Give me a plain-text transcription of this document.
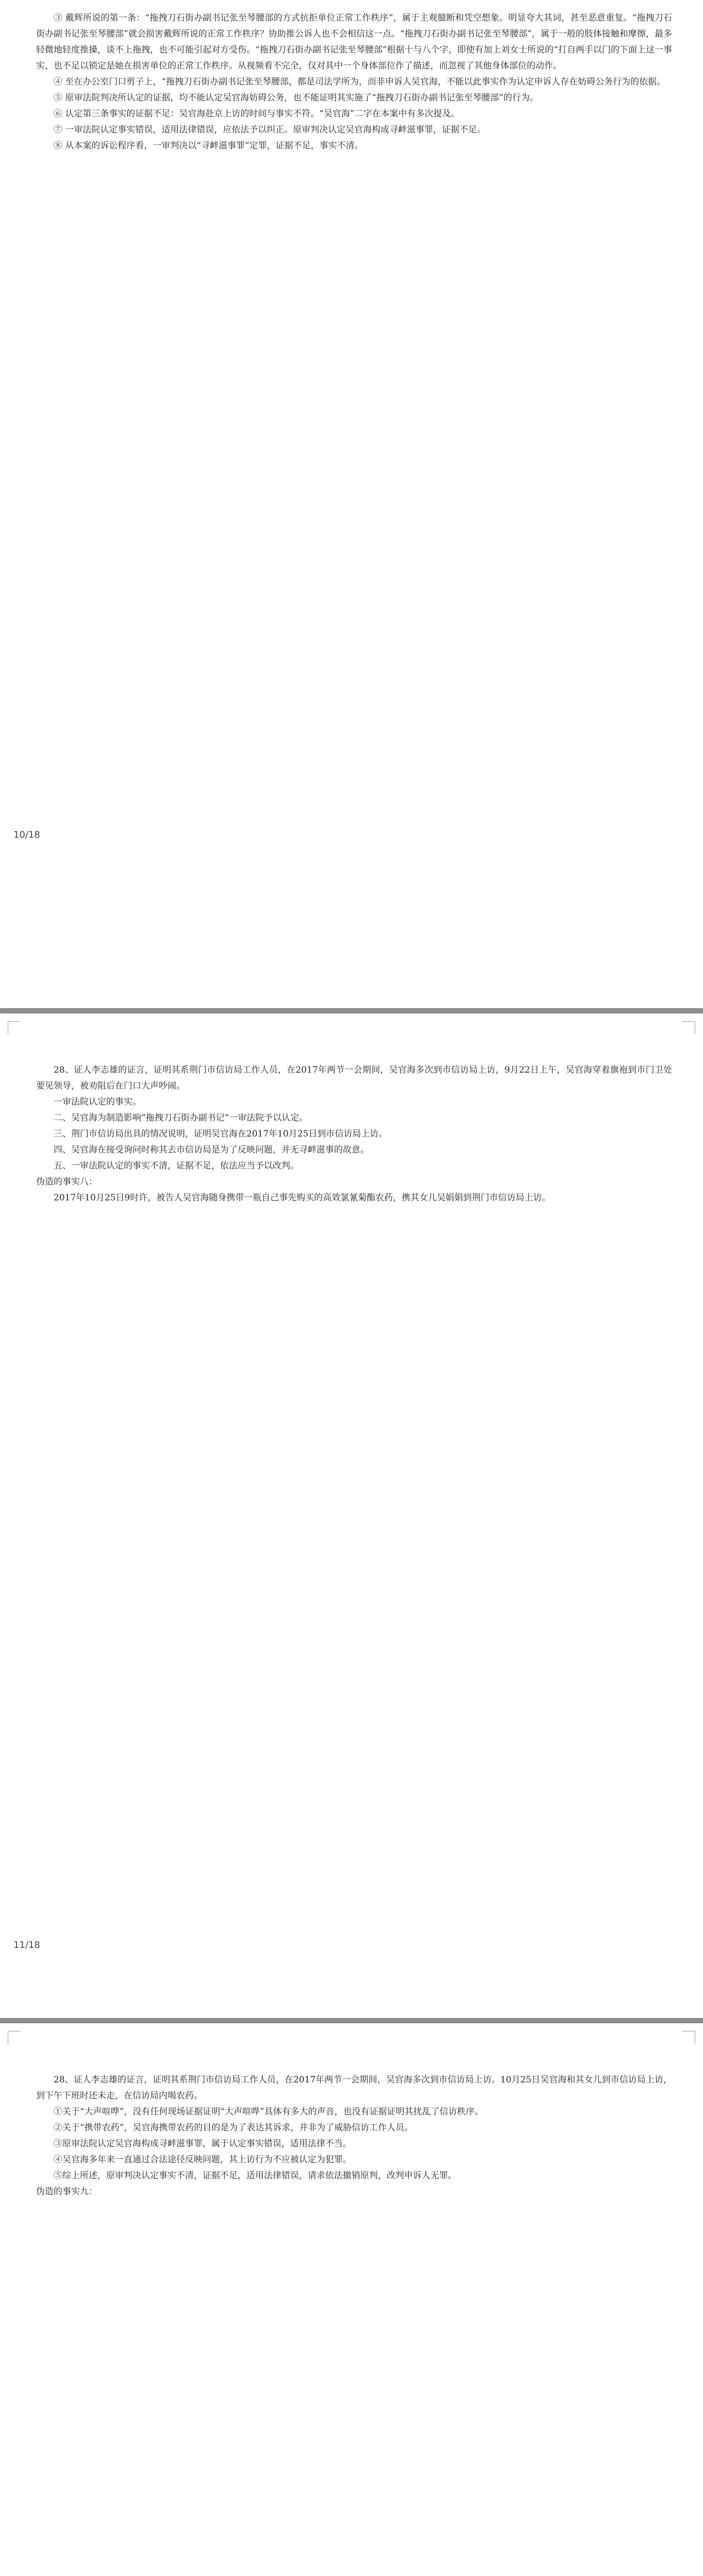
③ 戴辉所说的第一条：“拖拽刀石街办副书记张至琴腰部的方式抗拒单位正常工作秩序”，属于主观臆断和凭空想象。明显夸大其词，甚至恶意重复。“拖拽刀石街办副书记张至琴腰部”就会损害戴辉所说的正常工作秩序？协助推公诉人也不会相信这一点。“拖拽刀石街办副书记张至琴腰部”，属于一般的肢体接触和摩擦，最多轻微地轻度推搡，谈不上拖拽，也不可能引起对方受伤。“拖拽刀石街办副书记张至琴腰部”根据十与八个字，即使有加上刘女士所说的“打自两手以门的下面上这一事实，也不足以锁定是她在损害单位的正常工作秩序。从视频看不完全，仅对其中一个身体部位作了描述，而忽视了其他身体部位的动作。

④ 至在办公室门口剪子上，“拖拽刀石街办副书记张至琴腰部，都是司法学所为，而非申诉人吴官海，不能以此事实作为认定申诉人存在妨碍公务行为的依据。

⑤ 原审法院判决所认定的证据，均不能认定吴官海妨碍公务，也不能证明其实施了“拖拽刀石街办副书记张至琴腰部”的行为。

⑥ 认定第三条事实的证据不足：吴官海赴京上访的时间与事实不符。“吴官海”二字在本案中有多次提及。

⑦ 一审法院认定事实错误，适用法律错误，应依法予以纠正。原审判决认定吴官海构成寻衅滋事罪，证据不足。

⑧ 从本案的诉讼程序看，一审判决以“寻衅滋事罪”定罪，证据不足，事实不清。

10/18

28、证人李志雄的证言，证明其系荆门市信访局工作人员，在2017年两节一会期间，吴官海多次到市信访局上访，9月22日上午，吴官海穿着旗袍到市门卫处要见领导，被劝阻后在门口大声吵闹。

一审法院认定的事实。

二、吴官海为制造影响“拖拽刀石街办副书记”一审法院予以认定。

三、荆门市信访局出具的情况说明，证明吴官海在2017年10月25日到市信访局上访。

四、吴官海在接受询问时称其去市信访局是为了反映问题，并无寻衅滋事的故意。

五、一审法院认定的事实不清，证据不足，依法应当予以改判。

伪造的事实八：

2017年10月25日9时许，被告人吴官海随身携带一瓶自己事先购买的高效氯氰菊酯农药，携其女儿吴娟娟到荆门市信访局上访。

11/18

28、证人李志雄的证言，证明其系荆门市信访局工作人员，在2017年两节一会期间，吴官海多次到市信访局上访。10月25日吴官海和其女儿到市信访局上访，到下午下班时还未走，在信访局内喝农药。

①关于“大声喧哗”，没有任何现场证据证明“大声喧哗”具体有多大的声音，也没有证据证明其扰乱了信访秩序。

②关于“携带农药”，吴官海携带农药的目的是为了表达其诉求，并非为了威胁信访工作人员。

③原审法院认定吴官海构成寻衅滋事罪，属于认定事实错误，适用法律不当。

④吴官海多年来一直通过合法途径反映问题，其上访行为不应被认定为犯罪。

⑤综上所述，原审判决认定事实不清，证据不足，适用法律错误，请求依法撤销原判，改判申诉人无罪。

伪造的事实九：
